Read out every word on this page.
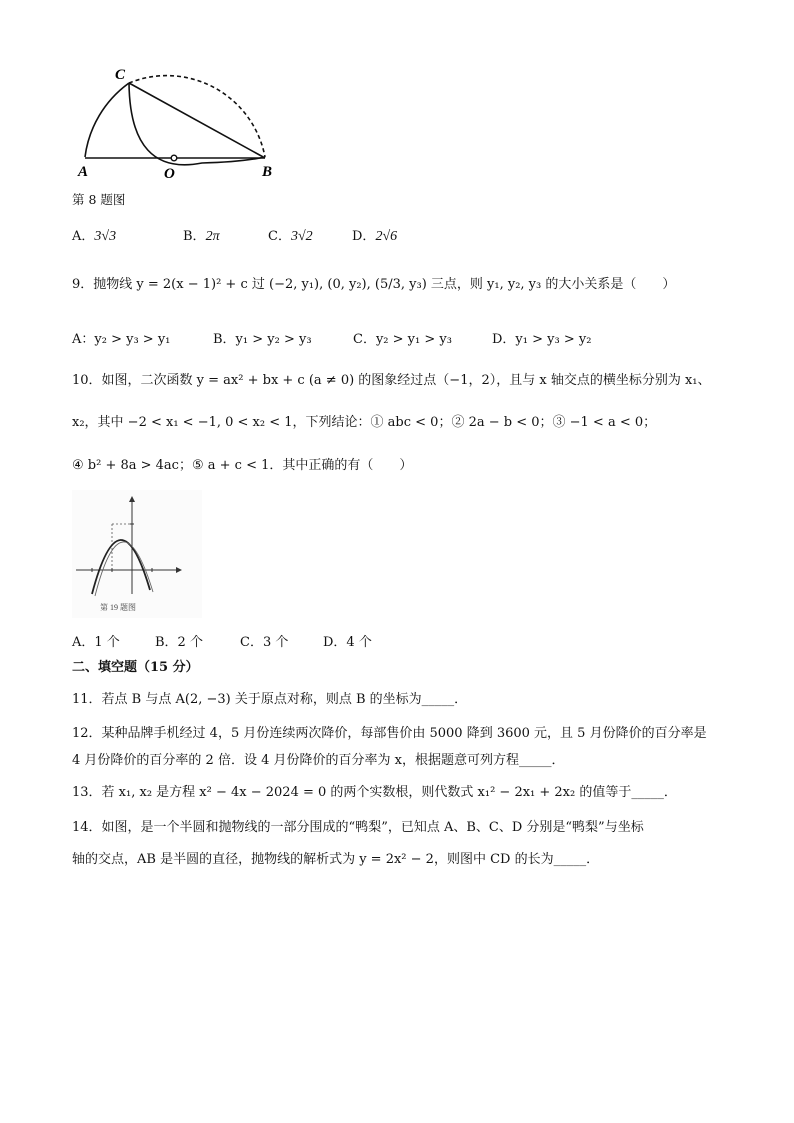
C
A	O	B
第 8 题图
A．3√3	B．2π	C．3√2	D．2√6
9．抛物线 y = 2(x − 1)² + c 过 (−2, y₁), (0, y₂), (5/3, y₃) 三点，则 y₁, y₂, y₃ 的大小关系是（　　）
A：y₂ > y₃ > y₁	B．y₁ > y₂ > y₃	C．y₂ > y₁ > y₃	D．y₁ > y₃ > y₂
10．如图，二次函数 y = ax² + bx + c (a ≠ 0) 的图象经过点（−1，2），且与 x 轴交点的横坐标分别为 x₁、
x₂，其中 −2 < x₁ < −1, 0 < x₂ < 1，下列结论：① abc < 0；② 2a − b < 0；③ −1 < a < 0；
④ b² + 8a > 4ac；⑤ a + c < 1．其中正确的有（　　）
第 19 题图
A．1 个	B．2 个	C．3 个	D．4 个
二、填空题（15 分）
11．若点 B 与点 A(2, −3) 关于原点对称，则点 B 的坐标为_____．
12．某种品牌手机经过 4，5 月份连续两次降价，每部售价由 5000 降到 3600 元，且 5 月份降价的百分率是
4 月份降价的百分率的 2 倍．设 4 月份降价的百分率为 x，根据题意可列方程_____．
13．若 x₁, x₂ 是方程 x² − 4x − 2024 = 0 的两个实数根，则代数式 x₁² − 2x₁ + 2x₂ 的值等于_____．
14．如图，是一个半圆和抛物线的一部分围成的“鸭梨”，已知点 A、B、C、D 分别是“鸭梨”与坐标
轴的交点，AB 是半圆的直径，抛物线的解析式为 y = 2x² − 2，则图中 CD 的长为_____．
